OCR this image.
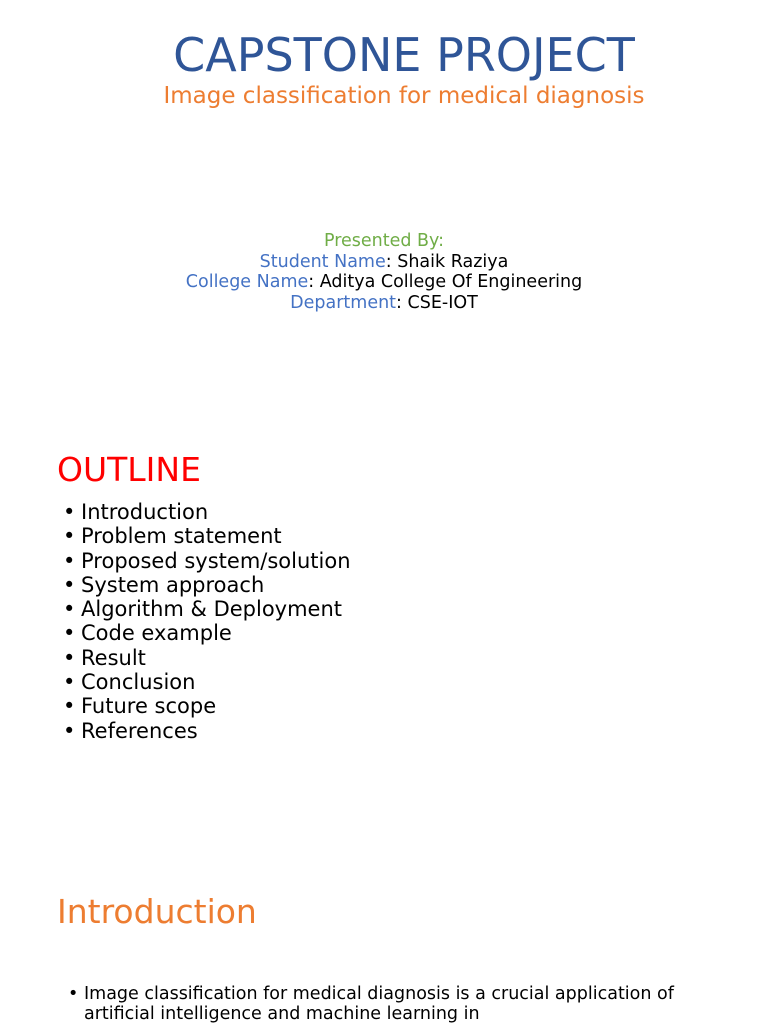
CAPSTONE PROJECT
Image classification for medical diagnosis
Presented By:
Student Name: Shaik Raziya
College Name: Aditya College Of Engineering
Department: CSE-IOT
OUTLINE
• Introduction
• Problem statement
• Proposed system/solution
• System approach
• Algorithm & Deployment
• Code example
• Result
• Conclusion
• Future scope
• References
Introduction
• Image classification for medical diagnosis is a crucial application of artificial intelligence and machine learning in
